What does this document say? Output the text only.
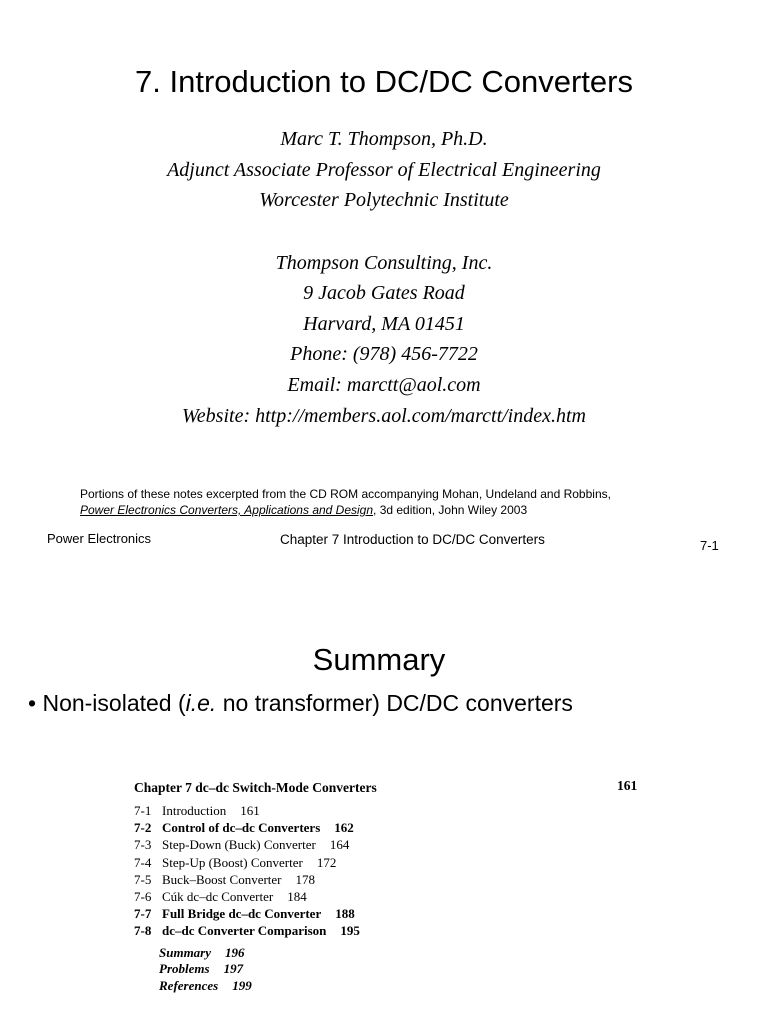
7. Introduction to DC/DC Converters
Marc T. Thompson, Ph.D.
Adjunct Associate Professor of Electrical Engineering
Worcester Polytechnic Institute
Thompson Consulting, Inc.
9 Jacob Gates Road
Harvard, MA 01451
Phone: (978) 456-7722
Email: marctt@aol.com
Website: http://members.aol.com/marctt/index.htm
Portions of these notes excerpted from the CD ROM accompanying Mohan, Undeland and Robbins,
Power Electronics Converters, Applications and Design, 3d edition, John Wiley 2003
Power Electronics	Chapter 7 Introduction to DC/DC Converters	7-1
Summary
• Non-isolated (i.e. no transformer) DC/DC converters
Chapter 7 dc–dc Switch-Mode Converters	161
7-1 Introduction 161
7-2 Control of dc–dc Converters 162
7-3 Step-Down (Buck) Converter 164
7-4 Step-Up (Boost) Converter 172
7-5 Buck–Boost Converter 178
7-6 Cúk dc–dc Converter 184
7-7 Full Bridge dc–dc Converter 188
7-8 dc–dc Converter Comparison 195
Summary 196
Problems 197
References 199
